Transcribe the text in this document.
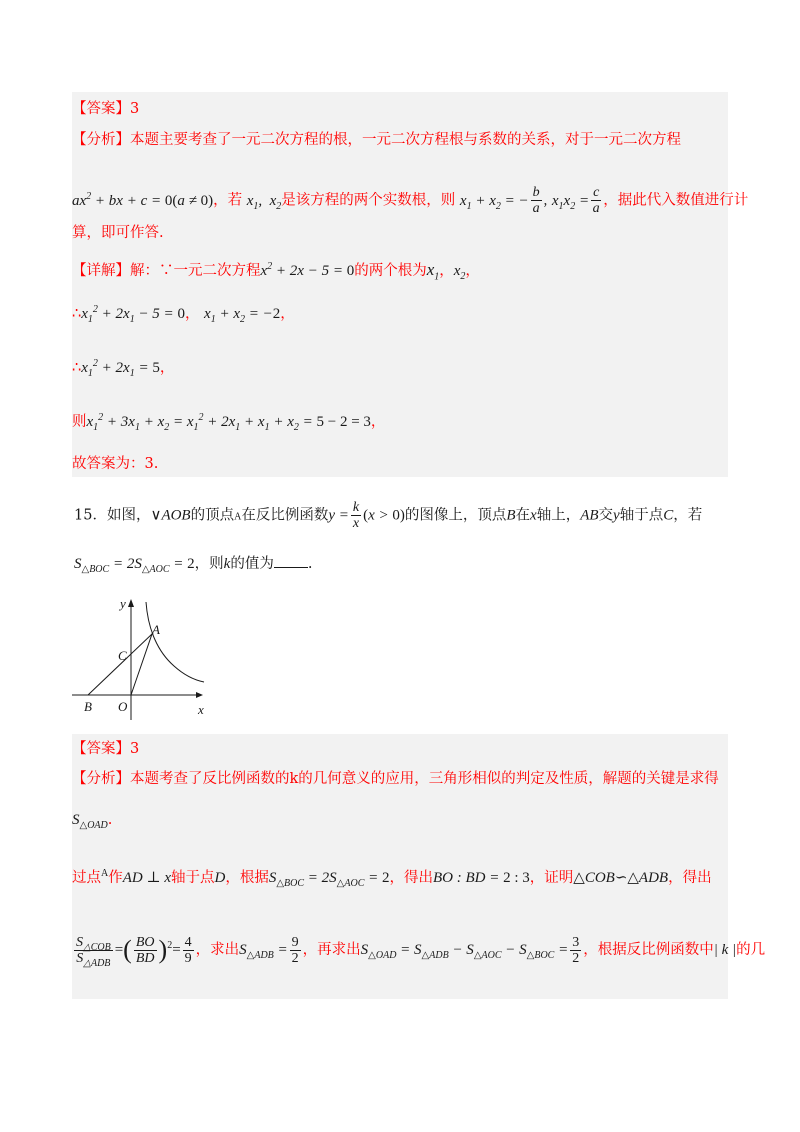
【答案】3
【分析】本题主要考查了一元二次方程的根，一元二次方程根与系数的关系，对于一元二次方程
$ax^2$ + bx + c = 0(a ≠ 0)，若 $x_1$,  $x_2$是该方程的两个实数根，则 $x_1 + x_2$ = − $\frac{b}{a}$ , $x_1x_2 = \frac{c}{a}$ ，据此代入数值进行计
算，即可作答.
【详解】解：∵一元二次方程$x^2 + 2x - 5 = 0$的两个根为$x_1$，$x_2$，
$\therefore x_1^2 + 2x_1 - 5 = 0$， $x_1 + x_2 = -2$，
$\therefore x_1^2 + 2x_1 = 5$，
则$x_1^2 + 3x_1 + x_2 = x_1^2 + 2x_1 + x_1 + x_2 = 5 - 2 = 3$，
故答案为：3.
15．如图，∨AOB的顶点A在反比例函数$y = \frac{k}{x} (x > 0)$的图像上，顶点B在x轴上，AB交y轴于点C，若
$S_{\triangle BOC} = 2S_{\triangle AOC} = 2$，则k的值为 .
y
A
C
B O	x
【答案】3
【分析】本题考查了反比例函数的k的几何意义的应用，三角形相似的判定及性质，解题的关键是求得
$S_{\triangle OAD}$.
过点$^A$作AD ⊥ x轴于点D，根据$S_{\triangle BOC} = 2S_{\triangle AOC} = 2$，得出BO : BD = 2 : 3，证明△COB∽△ADB，得出
$\frac{S_{\triangle COB}}{S_{\triangle ADB}}$ =( $\frac{BO}{BD} )^2= \frac{4}{9}$ ，求出$S_{\triangle ADB} = \frac{9}{2}$ ，再求出$S_{\triangle OAD} = S_{\triangle ADB} - S_{\triangle AOC} - S_{\triangle BOC} = \frac{3}{2}$ ，根据反比例函数中| k |的几
